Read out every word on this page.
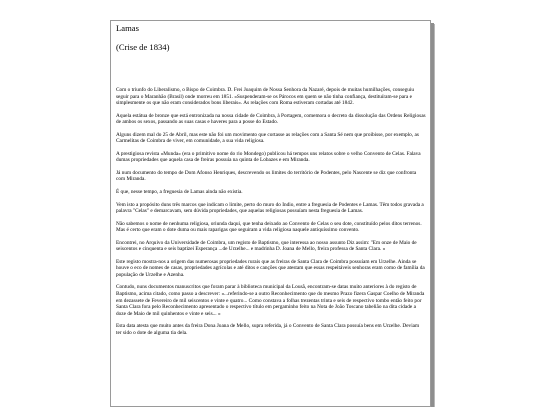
Lamas

(Crise de 1834)

Com o triunfo do Liberalismo, o Bispo de Coimbra. D. Frei Joaquim de Nossa Senhora da Nazaré, depois de muitas humilhações, conseguiu seguir para o Maranhão (Brasil) onde morreu em 1851. «Suspenderam-se os Párocos em quem se não tinha confiança, destituíram-se para e simplesmente os que não eram considerados bons liberais». As relações com Roma estiveram cortadas até 1842.

Aquela estátua de bronze que está entronizada na nossa cidade de Coimbra, à Portagem, comemora o decreto da dissolução das Ordens Religiosas de ambos os sexos, passando as suas casas e haveres para a posse do Estado.

Alguns dizem mal do 25 de Abril, mas este não foi um movimento que cortasse as relações com a Santa Sé nem que proibisse, por exemplo, as Carmelitas de Coimbra de viver, em comunidade, a sua vida religiosa.

A prestigiosa revista «Munda» (era o primitivo nome do rio Mondego) publicou há tempos uns relatos sobre o velho Convento de Celas. Falava dumas propriedades que aquela casa de freiras possuía na quinta de Lobazes e em Miranda.

Já num documento do tempo de Dom Afonso Henriques, descrevendo os limites do território de Podentes, pelo Nascente se diz que confronta com Miranda.

É que, nesse tempo, a freguesia de Lamas ainda não existia.

Vem isto a propósito duns três marcos que indicam o limite, perto do muro do Indio, entre a freguesia de Podentes e Lamas. Têm todos gravada a palavra "Celas" e demarcavam, sem dúvida propriedades, que aquelas religiosas possuíam nesta freguesia de Lamas.

Não sabemos o nome de nenhuma religiosa, oriunda daqui, que tenha deixado ao Convento de Celas o seu dote, constituído pelos ditos terrenos. Mas é certo que eram o dote duma ou mais raparigas que seguiram a vida religiosa naquele antiquíssimo convento.

Encontrei, no Arquivo da Universidade de Coimbra, um registo de Baptismo, que interessa ao nosso assunto Diz assim: "Em onze de Maio de seiscentos e cinquenta e seis baptizei Esperança ...de Urzelhe... e madrinha D. Joana de Mello, freira professa de Santa Clara. »

Este registo mostra-nos a origem das numerosas propriedades rurais que as freiras de Santa Clara de Coimbra possuíam em Urzelhe. Ainda se houve o eco de nomes de casas, propriedades agrícolas e até ditos e canções que atestam que essas respeitáveis senhoras eram como de família da população de Urzelhe e Azenha.

Contudo, nuns documentos manuscritos que foram parar à biblioteca municipal da Lousã, encontram-se datas muito anteriores à do registo de Baptismo, acima citado, como passo a descrever: «...referindo-se a outro Reconhecimento que do mesmo Prazo fizera Gaspar Coelho de Miranda em dezassete de Fevereiro de mil seiscentos e vinte e quatro... Como constava a folhas trezentas trinta e seis de respectivo tombo então feito por Santa Clara fora pelo Reconhecimento apresentado o respectivo título em pergaminho feito na Nota de João Toscano tabelião na dita cidade a doze de Maio de mil quinhentos e vinte e seis... »

Esta data atesta que muito antes da freira Dona Joana de Mello, supra referida, já o Convento de Santa Clara possuía bens em Urzelhe. Deviam ter sido o dote de alguma tia dela.
